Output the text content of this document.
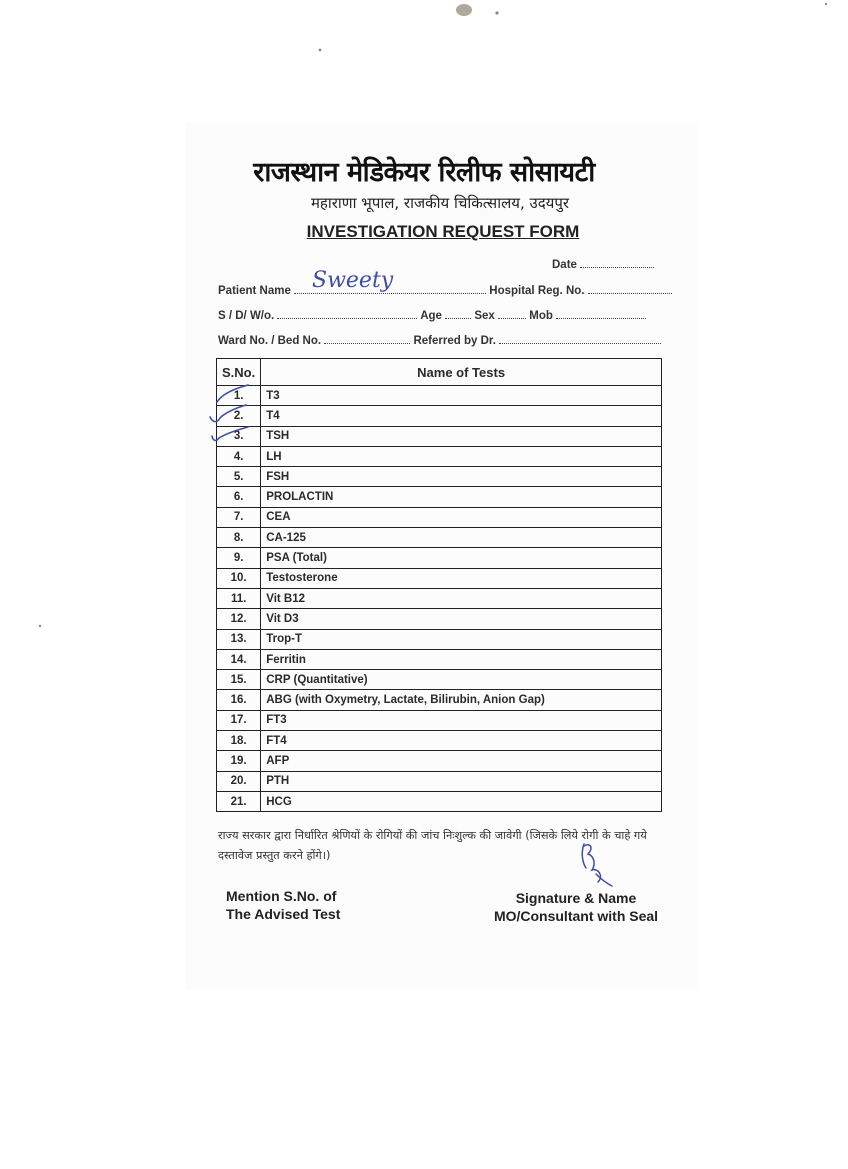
राजस्थान मेडिकेयर रिलीफ सोसायटी
महाराणा भूपाल, राजकीय चिकित्सालय, उदयपुर
INVESTIGATION REQUEST FORM
Date
Patient Name	Hospital Reg. No.
Sweety
S / D/ W/o.	Age	Sex	Mob
Ward No. / Bed No.	Referred by Dr.
S.No.	Name of Tests
1.	T3
2.	T4
3.	TSH
4.	LH
5.	FSH
6.	PROLACTIN
7.	CEA
8.	CA-125
9.	PSA (Total)
10.	Testosterone
11.	Vit B12
12.	Vit D3
13.	Trop-T
14.	Ferritin
15.	CRP (Quantitative)
16.	ABG (with Oxymetry, Lactate, Bilirubin, Anion Gap)
17.	FT3
18.	FT4
19.	AFP
20.	PTH
21.	HCG
राज्य सरकार द्वारा निर्धारित श्रेणियों के रोगियों की जांच निःशुल्क की जावेगी (जिसके लिये रोगी के चाहे गये दस्तावेज प्रस्तुत करने होंगे।)
Mention S.No. of
The Advised Test
Signature & Name
MO/Consultant with Seal
